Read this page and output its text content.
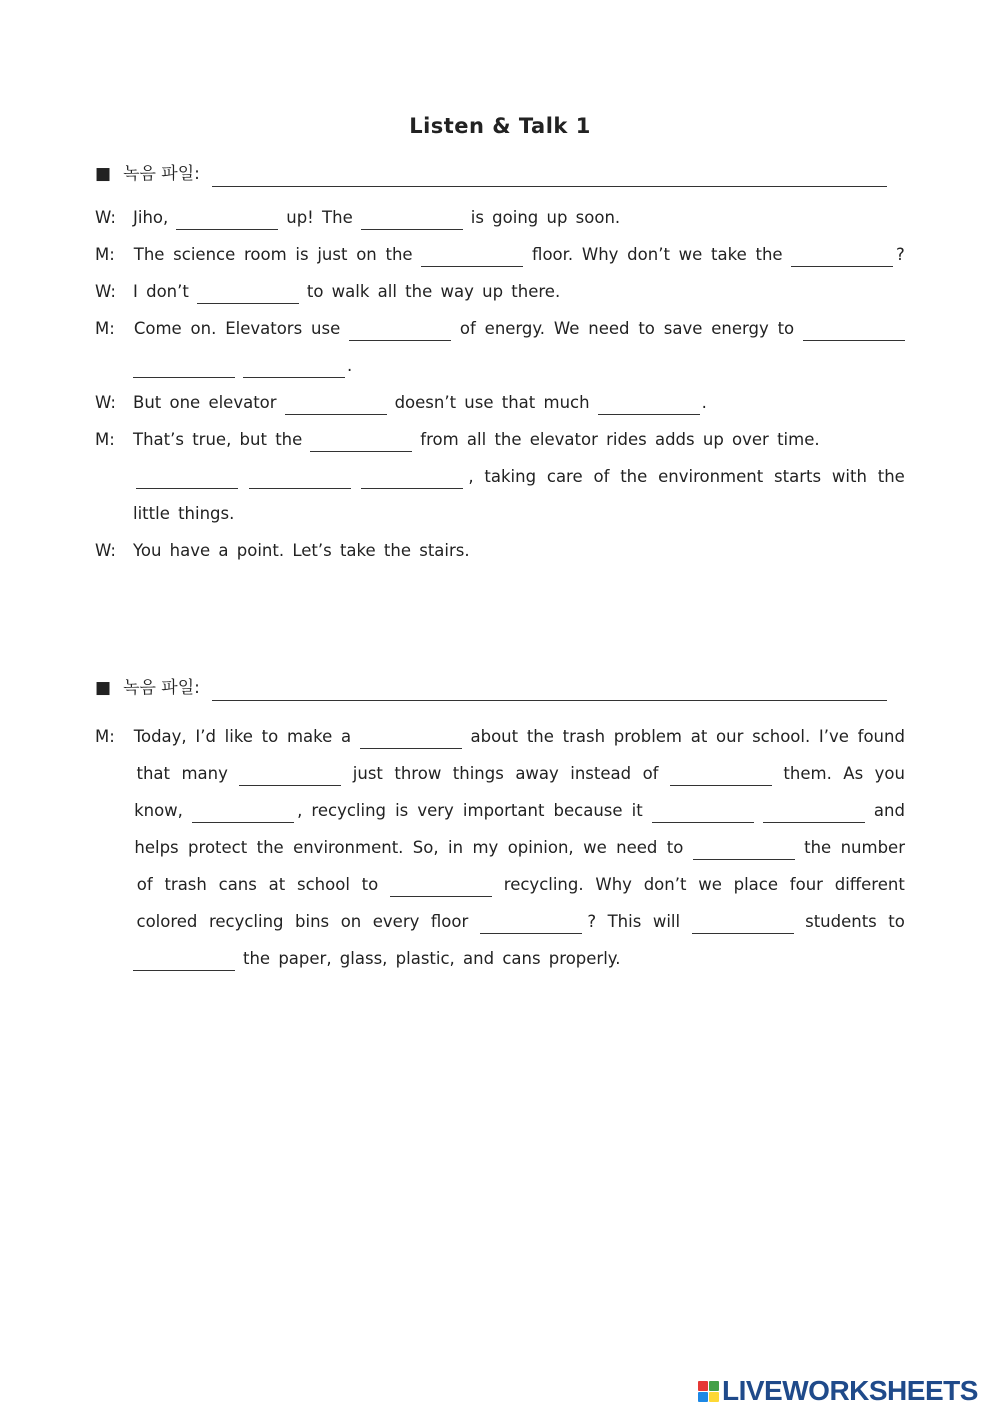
Listen & Talk 1
■ 녹음 파일:
W:	Jiho,	up! The	is going up soon.
M:	The science room is just on the	floor. Why don’t we take the	?
W:	I don’t	to walk all the way up there.
M:	Come on. Elevators use	of energy. We need to save energy to
.
W:	But one elevator	doesn’t use that much	.
M:	That’s true, but the	from all the elevator rides adds up over time.
, taking care of the environment starts with the
little things.
W:	You have a point. Let’s take the stairs.
■ 녹음 파일:
M:	Today, I’d like to make a	about the trash problem at our school. I’ve found
that many	just throw things away instead of	them. As you
know,	, recycling is very important because it	and
helps protect the environment. So, in my opinion, we need to	the number
of trash cans at school to	recycling. Why don’t we place four different
colored recycling bins on every floor	? This will	students to
the paper, glass, plastic, and cans properly.
LIVEWORKSHEETS
